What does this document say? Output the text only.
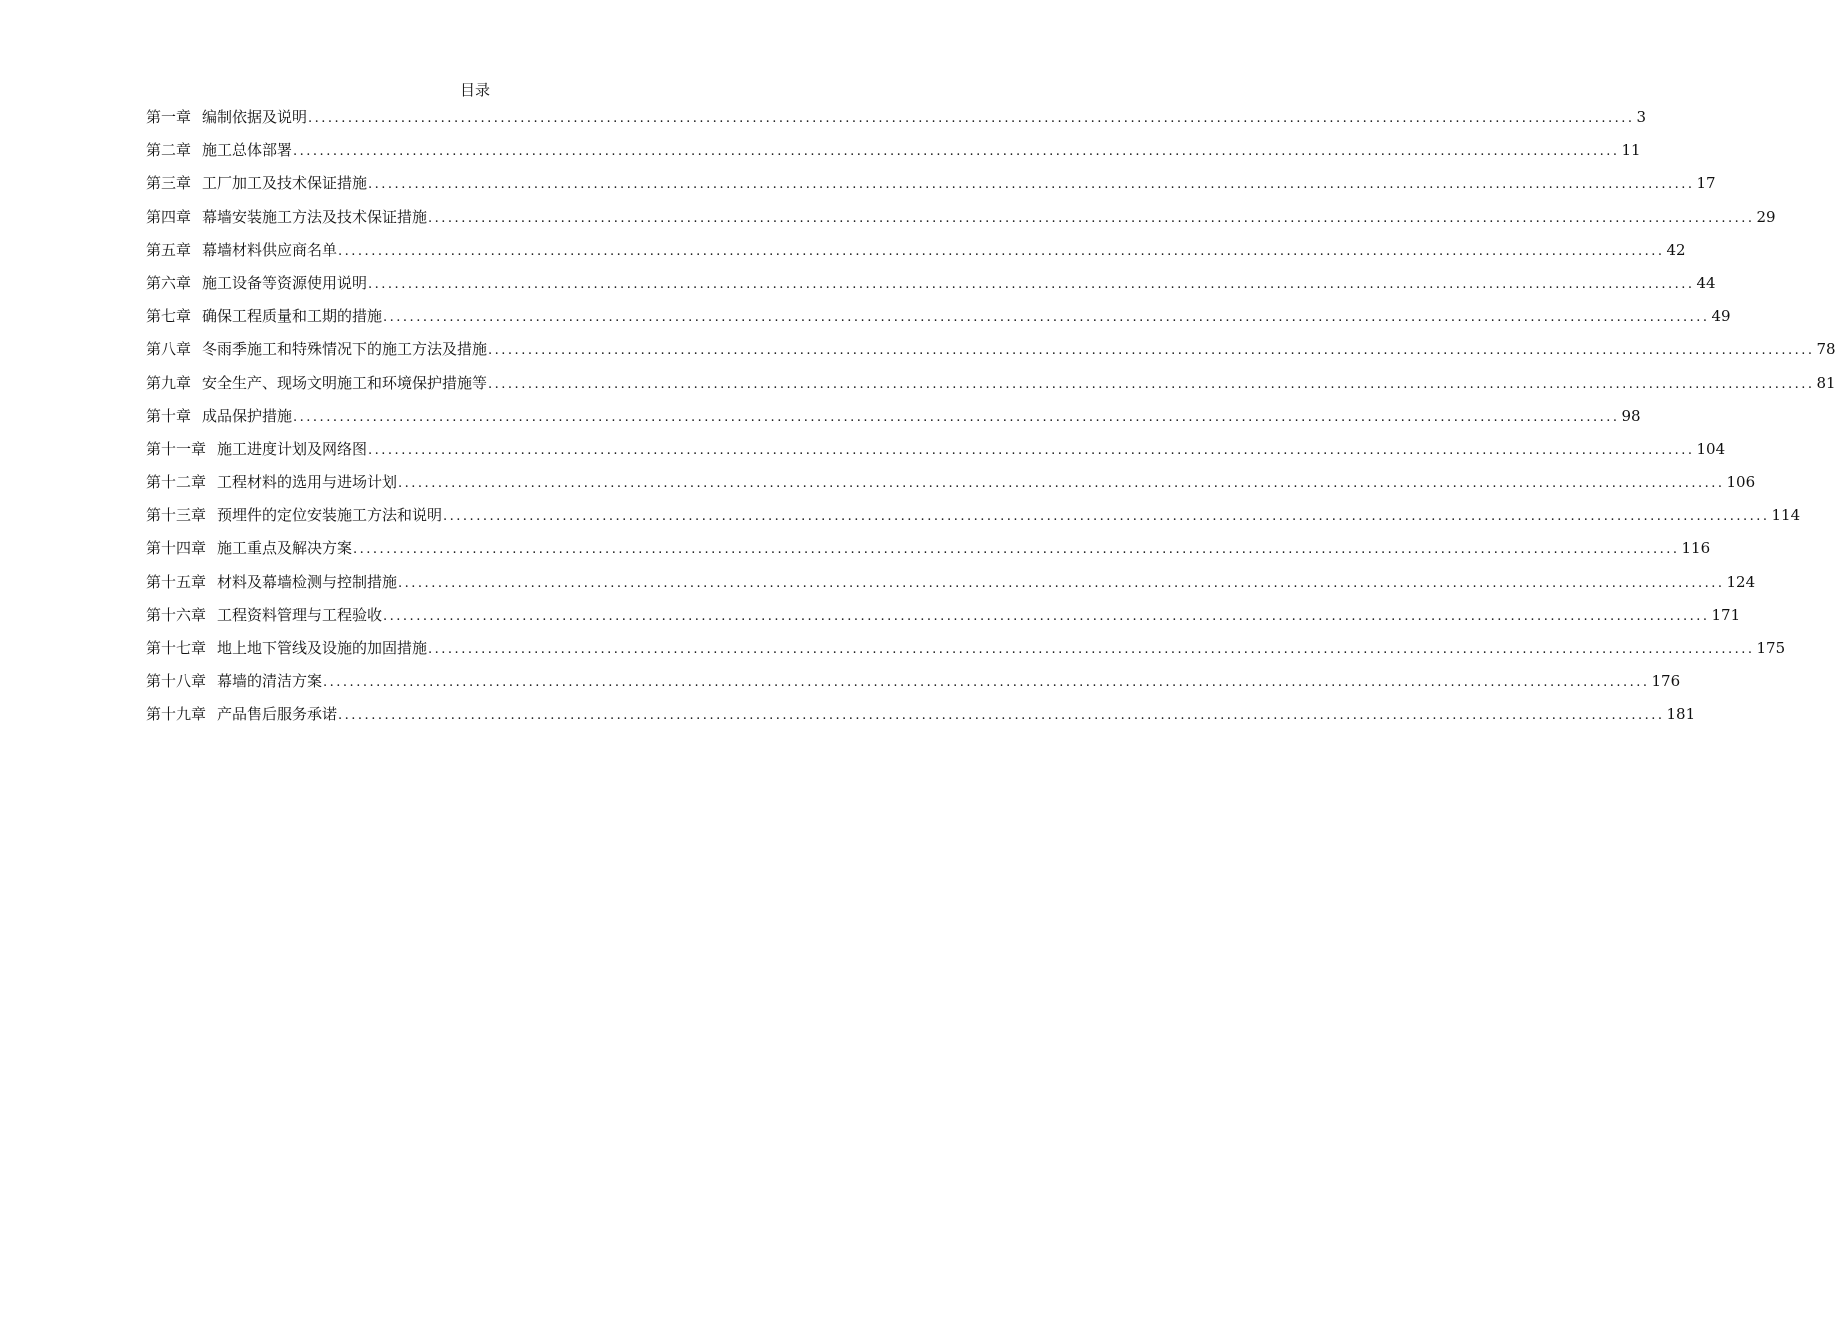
目录
第一章 编制依据及说明 ........................................................................................................................................................................................................ 3
第二章 施工总体部署 ........................................................................................................................................................................................................ 11
第三章 工厂加工及技术保证措施 ........................................................................................................................................................................................................ 17
第四章 幕墙安装施工方法及技术保证措施 ........................................................................................................................................................................................................ 29
第五章 幕墙材料供应商名单 ........................................................................................................................................................................................................ 42
第六章 施工设备等资源使用说明 ........................................................................................................................................................................................................ 44
第七章 确保工程质量和工期的措施 ........................................................................................................................................................................................................ 49
第八章 冬雨季施工和特殊情况下的施工方法及措施 ........................................................................................................................................................................................................ 78
第九章 安全生产、现场文明施工和环境保护措施等 ........................................................................................................................................................................................................ 81
第十章 成品保护措施 ........................................................................................................................................................................................................ 98
第十一章 施工进度计划及网络图 ........................................................................................................................................................................................................ 104
第十二章 工程材料的选用与进场计划 ........................................................................................................................................................................................................ 106
第十三章 预埋件的定位安装施工方法和说明 ........................................................................................................................................................................................................ 114
第十四章 施工重点及解决方案 ........................................................................................................................................................................................................ 116
第十五章 材料及幕墙检测与控制措施 ........................................................................................................................................................................................................ 124
第十六章 工程资料管理与工程验收 ........................................................................................................................................................................................................ 171
第十七章 地上地下管线及设施的加固措施 ........................................................................................................................................................................................................ 175
第十八章 幕墙的清洁方案 ........................................................................................................................................................................................................ 176
第十九章 产品售后服务承诺 ........................................................................................................................................................................................................ 181
